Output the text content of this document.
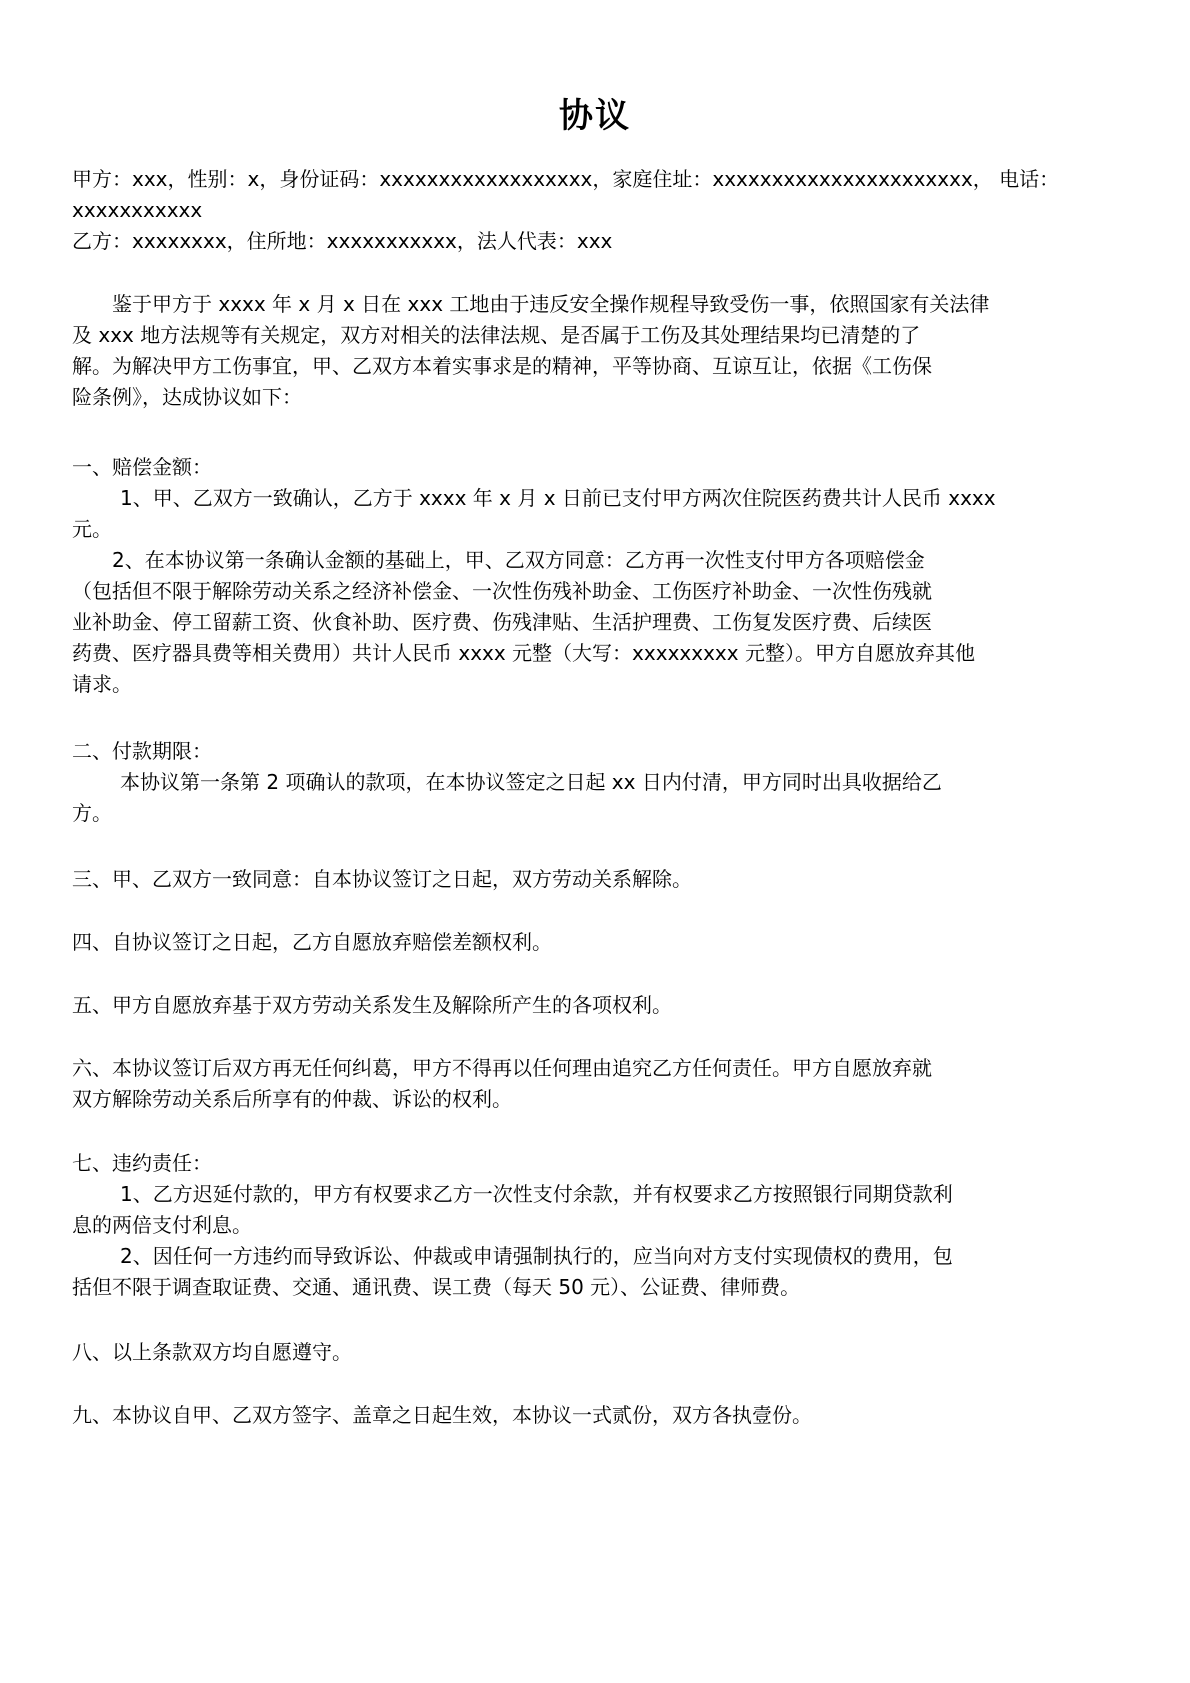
协议
甲方：xxx，性别：x，身份证码：xxxxxxxxxxxxxxxxxx，家庭住址：xxxxxxxxxxxxxxxxxxxxxx， 电话：
xxxxxxxxxxx
乙方：xxxxxxxx，住所地：xxxxxxxxxxx，法人代表：xxx
鉴于甲方于 xxxx 年 x 月 x 日在 xxx 工地由于违反安全操作规程导致受伤一事，依照国家有关法律
及 xxx 地方法规等有关规定，双方对相关的法律法规、是否属于工伤及其处理结果均已清楚的了
解。为解决甲方工伤事宜，甲、乙双方本着实事求是的精神，平等协商、互谅互让，依据《工伤保
险条例》，达成协议如下：
一、赔偿金额：
1、甲、乙双方一致确认，乙方于 xxxx 年 x 月 x 日前已支付甲方两次住院医药费共计人民币 xxxx
元。
2、在本协议第一条确认金额的基础上，甲、乙双方同意：乙方再一次性支付甲方各项赔偿金
（包括但不限于解除劳动关系之经济补偿金、一次性伤残补助金、工伤医疗补助金、一次性伤残就
业补助金、停工留薪工资、伙食补助、医疗费、伤残津贴、生活护理费、工伤复发医疗费、后续医
药费、医疗器具费等相关费用）共计人民币 xxxx 元整（大写：xxxxxxxxx 元整）。甲方自愿放弃其他
请求。
二、付款期限：
本协议第一条第 2 项确认的款项，在本协议签定之日起 xx 日内付清，甲方同时出具收据给乙
方。
三、甲、乙双方一致同意：自本协议签订之日起，双方劳动关系解除。
四、自协议签订之日起，乙方自愿放弃赔偿差额权利。
五、甲方自愿放弃基于双方劳动关系发生及解除所产生的各项权利。
六、本协议签订后双方再无任何纠葛，甲方不得再以任何理由追究乙方任何责任。甲方自愿放弃就
双方解除劳动关系后所享有的仲裁、诉讼的权利。
七、违约责任：
1、乙方迟延付款的，甲方有权要求乙方一次性支付余款，并有权要求乙方按照银行同期贷款利
息的两倍支付利息。
2、因任何一方违约而导致诉讼、仲裁或申请强制执行的，应当向对方支付实现债权的费用，包
括但不限于调查取证费、交通、通讯费、误工费（每天 50 元）、公证费、律师费。
八、以上条款双方均自愿遵守。
九、本协议自甲、乙双方签字、盖章之日起生效，本协议一式贰份，双方各执壹份。
